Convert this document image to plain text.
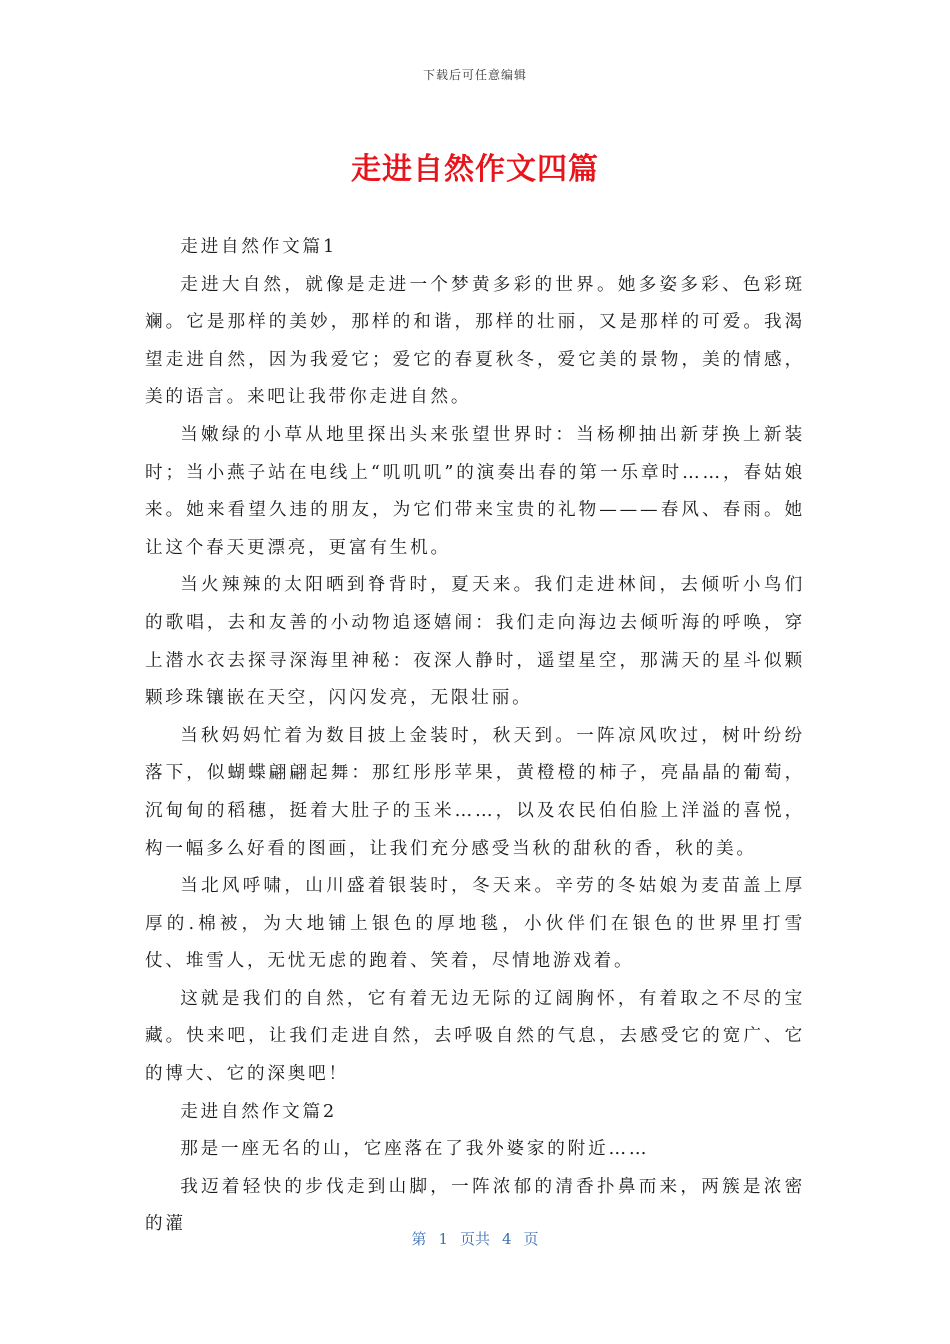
下载后可任意编辑
走进自然作文四篇

走进自然作文篇1

走进大自然，就像是走进一个梦黄多彩的世界。她多姿多彩、色彩斑斓。它是那样的美妙，那样的和谐，那样的壮丽，又是那样的可爱。我渴望走进自然，因为我爱它；爱它的春夏秋冬，爱它美的景物，美的情感，美的语言。来吧让我带你走进自然。

当嫩绿的小草从地里探出头来张望世界时：当杨柳抽出新芽换上新装时；当小燕子站在电线上“叽叽叽”的演奏出春的第一乐章时……，春姑娘来。她来看望久违的朋友，为它们带来宝贵的礼物———春风、春雨。她让这个春天更漂亮，更富有生机。

当火辣辣的太阳晒到脊背时，夏天来。我们走进林间，去倾听小鸟们的歌唱，去和友善的小动物追逐嬉闹：我们走向海边去倾听海的呼唤，穿上潜水衣去探寻深海里神秘：夜深人静时，遥望星空，那满天的星斗似颗颗珍珠镶嵌在天空，闪闪发亮，无限壮丽。

当秋妈妈忙着为数目披上金装时，秋天到。一阵凉风吹过，树叶纷纷落下，似蝴蝶翩翩起舞：那红彤彤苹果，黄橙橙的柿子，亮晶晶的葡萄，沉甸甸的稻穗，挺着大肚子的玉米……，以及农民伯伯脸上洋溢的喜悦，构一幅多么好看的图画，让我们充分感受当秋的甜秋的香，秋的美。

当北风呼啸，山川盛着银装时，冬天来。辛劳的冬姑娘为麦苗盖上厚厚的.棉被，为大地铺上银色的厚地毯，小伙伴们在银色的世界里打雪仗、堆雪人，无忧无虑的跑着、笑着，尽情地游戏着。

这就是我们的自然，它有着无边无际的辽阔胸怀，有着取之不尽的宝藏。快来吧，让我们走进自然，去呼吸自然的气息，去感受它的宽广、它的博大、它的深奥吧！

走进自然作文篇2

那是一座无名的山，它座落在了我外婆家的附近……

我迈着轻快的步伐走到山脚，一阵浓郁的清香扑鼻而来，两簇是浓密的灌

第 1 页共 4 页
